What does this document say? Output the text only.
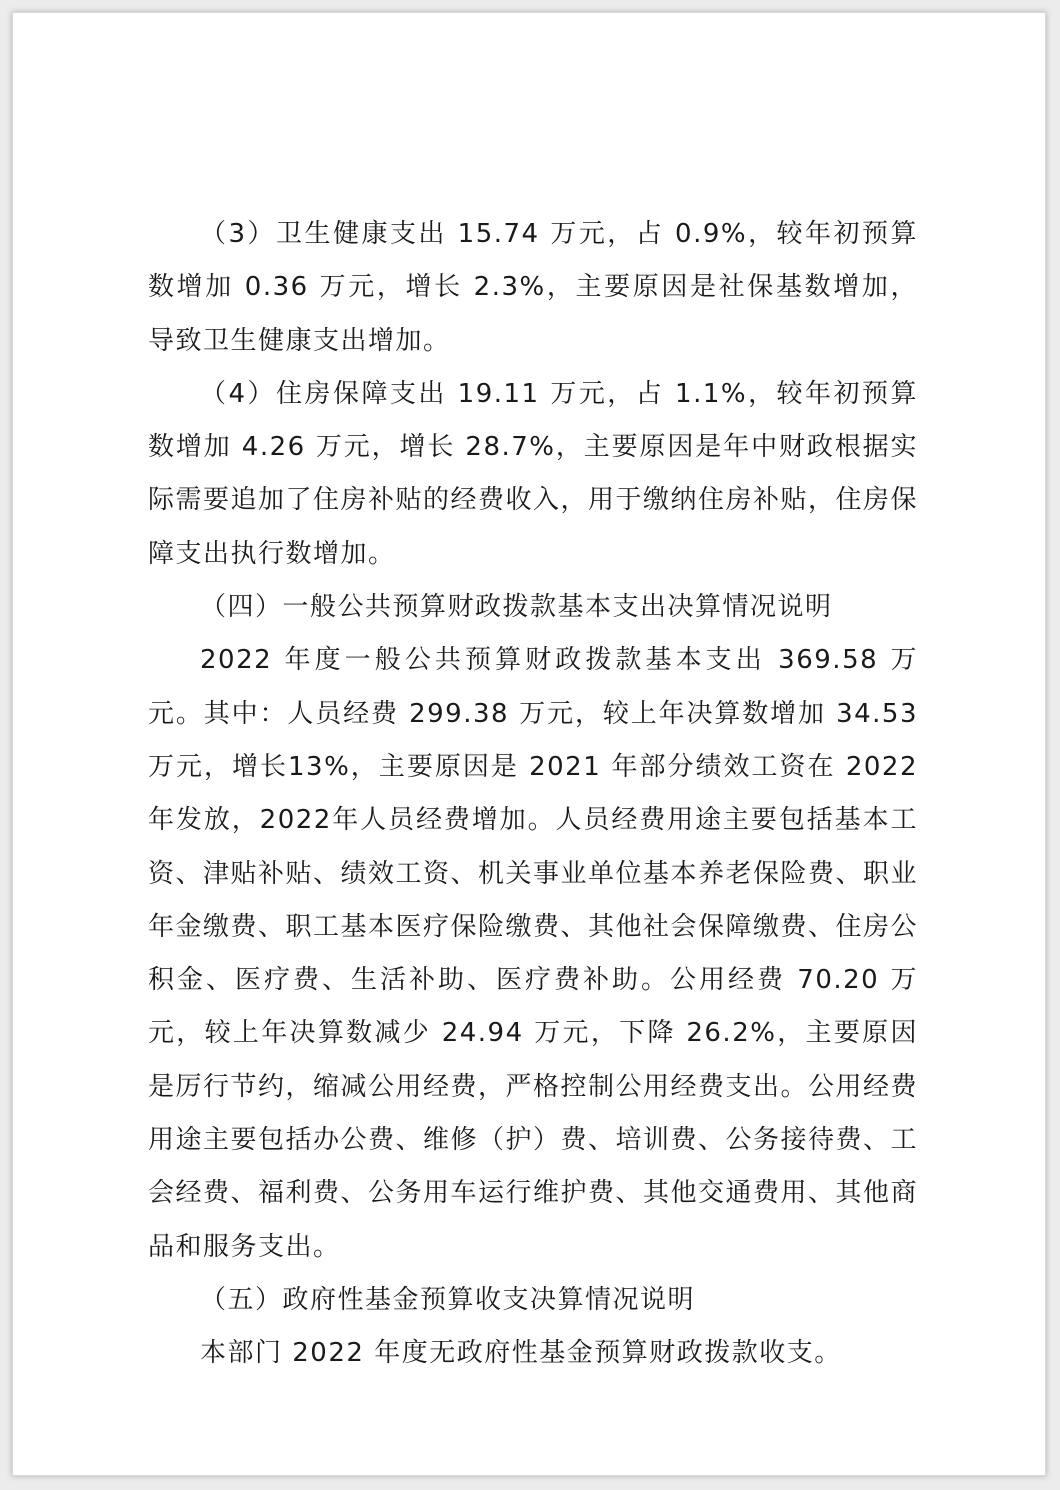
（3）卫生健康支出 15.74 万元，占 0.9%，较年初预算数增加 0.36 万元，增长 2.3%，主要原因是社保基数增加，导致卫生健康支出增加。

（4）住房保障支出 19.11 万元，占 1.1%，较年初预算数增加 4.26 万元，增长 28.7%，主要原因是年中财政根据实际需要追加了住房补贴的经费收入，用于缴纳住房补贴，住房保障支出执行数增加。

（四）一般公共预算财政拨款基本支出决算情况说明

2022 年度一般公共预算财政拨款基本支出 369.58 万元。其中：人员经费 299.38 万元，较上年决算数增加 34.53 万元，增长13%，主要原因是 2021 年部分绩效工资在 2022 年发放，2022年人员经费增加。人员经费用途主要包括基本工资、津贴补贴、绩效工资、机关事业单位基本养老保险费、职业年金缴费、职工基本医疗保险缴费、其他社会保障缴费、住房公积金、医疗费、生活补助、医疗费补助。公用经费 70.20 万元，较上年决算数减少 24.94 万元，下降 26.2%，主要原因是厉行节约，缩减公用经费，严格控制公用经费支出。公用经费用途主要包括办公费、维修（护）费、培训费、公务接待费、工会经费、福利费、公务用车运行维护费、其他交通费用、其他商品和服务支出。

（五）政府性基金预算收支决算情况说明

本部门 2022 年度无政府性基金预算财政拨款收支。
